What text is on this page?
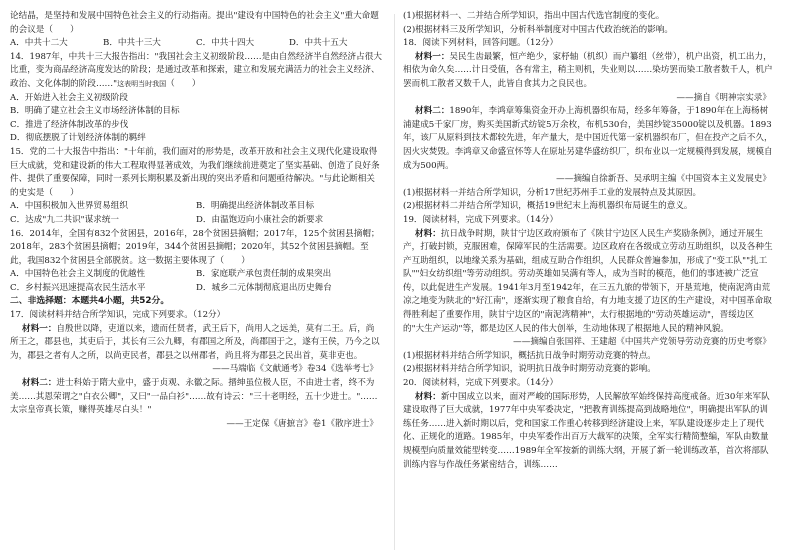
论结晶，是坚持和发展中国特色社会主义的行动指南。提出"建设有中国特色的社会主义"重大命题的会议是（　　）

A．中共十二大	B．中共十三大	C．中共十四大	D．中共十五大

14．1987年，中共十三大报告指出："我国社会主义初级阶段……是由自然经济半自然经济占很大比重，变为商品经济高度发达的阶段；是通过改革和探索，建立和发展充满活力的社会主义经济、政治、文化体制的阶段……"这表明当时我国（　　）

A．开始进入社会主义初级阶段

B．明确了建立社会主义市场经济体制的目标

C．推进了经济体制改革的步伐

D．彻底摆脱了计划经济体制的羁绊

15．党的二十大报告中指出："十年前，我们面对的形势是，改革开放和社会主义现代化建设取得巨大成就，党和建设新的伟大工程取得显著成效，为我们继续前进奠定了坚实基础、创造了良好条件、提供了重要保障，同时一系列长期积累及新出现的突出矛盾和问题亟待解决。"与此论断相关的史实是（　　）

A．中国积极加入世界贸易组织	B．明确提出经济体制改革目标
C．达成"九二共识"谋求统一	D．由温饱迈向小康社会的新要求

16．2014年，全国有832个贫困县，2016年，28个贫困县摘帽；2017年，125个贫困县摘帽；2018年，283个贫困县摘帽；2019年，344个贫困县摘帽；2020年，其52个贫困县摘帽。至此，我国832个贫困县全部脱贫。这一数据主要体现了（　　）

A．中国特色社会主义制度的优越性	B．家庭联产承包责任制的成果突出
C．乡村振兴迅速提高农民生活水平	D．城乡二元体制彻底退出历史舞台

二、非选择题：本题共4小题，共52分。

17．阅读材料并结合所学知识，完成下列要求。（12分）

材料一：自殷世以降，吏道以来，遗而任贤者，武王后下，尚用人之远美，莫有二王。后，尚所王之，郡县也，其吏后于，其长有三公九卿，有郡国之所及，尚郡国于之，遂有王侯，乃今之以为，郡县之者有人之所，以尚吏民者，郡县之以州郡者，尚且将为郡县之民出首，莫非吏也。

——马端临《文献通考》卷34《选举考七》

材料二：进士科始于隋大业中，盛于贞观、永徽之际。搢绅虽位极人臣，不由进士者，终不为美……其恩荣谓之"白衣公卿"，又曰"一品白衫"……故有诗云："三十老明经，五十少进士。"……太宗皇帝真长策，赚得英雄尽白头！"

——王定保《唐摭言》卷1《散序进士》

(1)根据材料一、二并结合所学知识，指出中国古代选官制度的变化。

(2)根据材料三及所学知识，分析科举制度对中国古代政治统治的影响。

18．阅读下列材料，回答问题。（12分）

材料一：吴民生齿最繁，恒产绝少，家杼轴（机织）而户纂组（丝带），机户出资，机工出力，相依为命久矣……计日受值，各有常主，稍主则机，失业则以……染坊罢而染工散者数千人，机户罢而机工散者又数千人，此皆自食其力之良民也。

——摘自《明神宗实录》

材料二：1890年，李鸿章筹集资金开办上海机器织布局，经多年筹备，于1890年在上海杨树浦建成5千家厂房，购买美国新式纺锭5万余枚，布机530台，美国纱锭35000锭以及机器。1893年，该厂从原料到技术都较先进，年产量大，是中国近代第一家机器织布厂，但在投产之后不久，因火灾焚毁。李鸿章又命盛宣怀等人在原址另建华盛纺织厂，织布业以一定规模得到发展，规模自成为500两。

——摘编自徐新吾、吴承明主编《中国资本主义发展史》

(1)根据材料一并结合所学知识，分析17世纪苏州手工业的发展特点及其原因。

(2)根据材料二并结合所学知识，概括19世纪末上海机器织布局诞生的意义。

19．阅读材料，完成下列要求。（14分）

材料：抗日战争时期，陕甘宁边区政府颁布了《陕甘宁边区人民生产奖励条例》，通过开展生产，打破封锁，克服困难，保障军民的生活需要。边区政府在各级成立劳动互助组织，以及各种生产互助组织，以地缘关系为基础，组成互助合作组织，人民群众普遍参加，形成了"变工队""扎工队""妇女纺织组"等劳动组织。劳动英雄如吴满有等人，成为当时的模范，他们的事迹被广泛宣传，以此促进生产发展。1941年3月至1942年，在三五九旅的带领下，开垦荒地，使南泥湾由荒凉之地变为陕北的"好江南"，逐渐实现了粮食自给，有力地支援了边区的生产建设，对中国革命取得胜利起了重要作用，陕甘宁边区的"南泥湾精神"，太行根据地的"劳动英雄运动"，晋绥边区的"大生产运动"等，都是边区人民的伟大创举，生动地体现了根据地人民的精神风貌。

——摘编自张国祥、王建超《中国共产党领导劳动竞赛的历史考察》

(1)根据材料并结合所学知识，概括抗日战争时期劳动竞赛的特点。

(2)根据材料并结合所学知识，说明抗日战争时期劳动竞赛的影响。

20．阅读材料，完成下列要求。（14分）

材料：新中国成立以来，面对严峻的国际形势，人民解放军始终保持高度戒备。近30年来军队建设取得了巨大成就，1977年中央军委决定，"把教育训练提高到战略地位"，明确提出军队的训练任务……进入新时期以后，党和国家工作重心转移到经济建设上来，军队建设逐步走上了现代化、正规化的道路。1985年，中央军委作出百万大裁军的决策，全军实行精简整编，军队由数量规模型向质量效能型转变……1989年全军按新的训练大纲，开展了新一轮训练改革，首次将部队训练内容与作战任务紧密结合，训练……
